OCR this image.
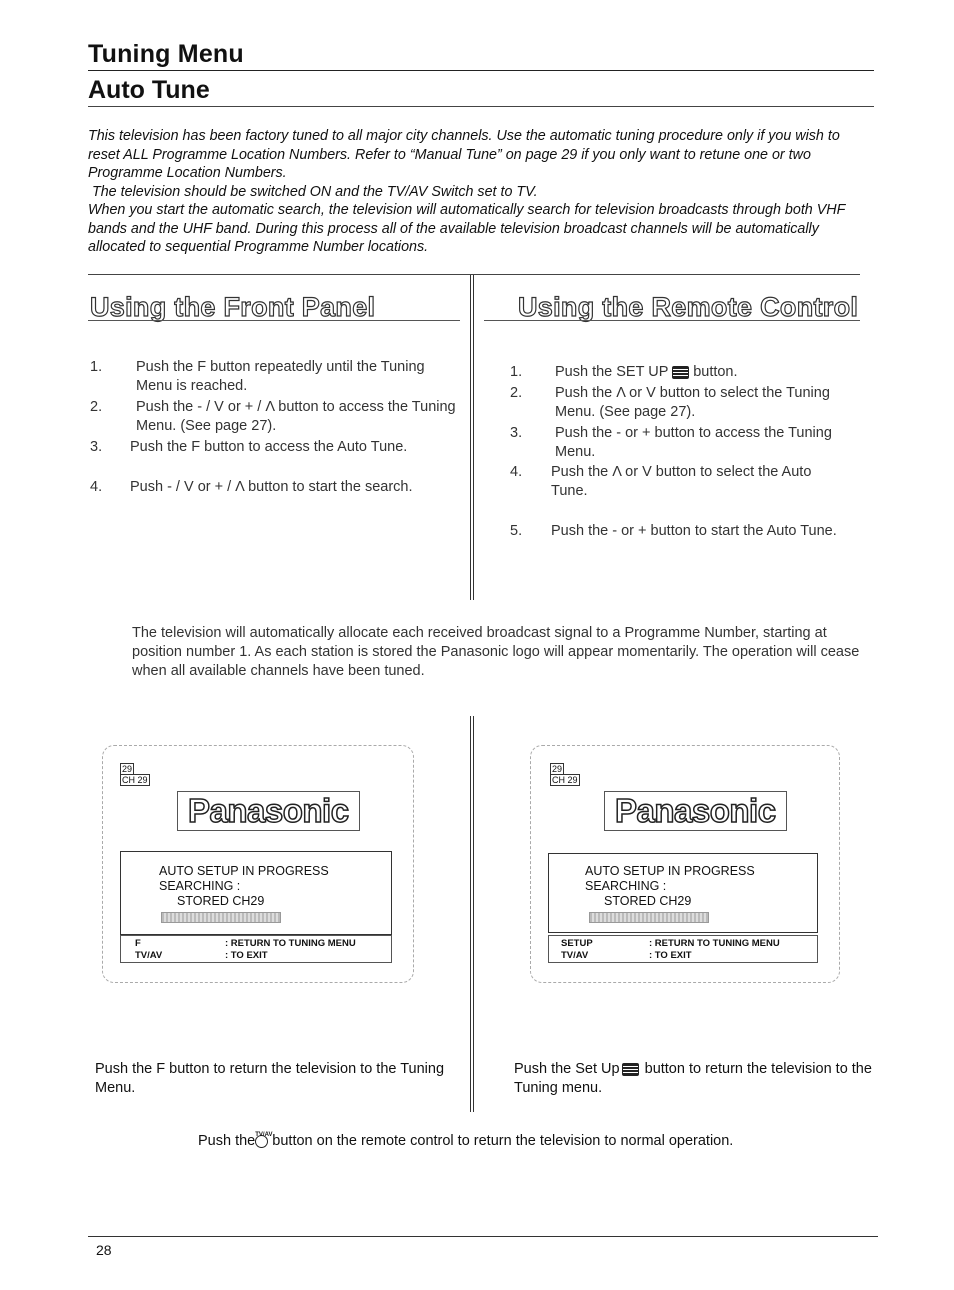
Tuning Menu
Auto Tune

This television has been factory tuned to all major city channels. Use the automatic tuning procedure only if you wish to reset ALL Programme Location Numbers. Refer to “Manual Tune” on page 29 if you only want to retune one or two Programme Location Numbers.

The television should be switched ON and the TV/AV Switch set to TV.

When you start the automatic search, the television will automatically search for television broadcasts through both VHF bands and the UHF band. During this process all of the available television broadcast channels will be automatically allocated to sequential Programme Number locations.

Using the Front Panel	Using the Remote Control
1. Push the F button repeatedly until the Tuning Menu is reached.
2. Push the - / V or + / Λ button to access the Tuning Menu. (See page 27).
3. Push the F button to access the Auto Tune.
4. Push - / V or + / Λ button to start the search.
1. Push the SET UP button.
2. Push the Λ or V button to select the Tuning Menu. (See page 27).
3. Push the - or + button to access the Tuning Menu.
4. Push the Λ or V button to select the Auto Tune.
5. Push the - or + button to start the Auto Tune.
The television will automatically allocate each received broadcast signal to a Programme Number, starting at position number 1. As each station is stored the Panasonic logo will appear momentarily. The operation will cease when all available channels have been tuned.
29
CH 29
Panasonic
AUTO SETUP IN PROGRESS
SEARCHING :
STORED CH29
F	: RETURN TO TUNING MENU
TV/AV	: TO EXIT
29
CH 29
Panasonic
AUTO SETUP IN PROGRESS
SEARCHING :
STORED CH29
SETUP	: RETURN TO TUNING MENU
TV/AV	: TO EXIT
Push the F button to return the television to the Tuning Menu.
Push the Set Up button to return the television to the Tuning menu.
Push the TV/AV button on the remote control to return the television to normal operation.
28
